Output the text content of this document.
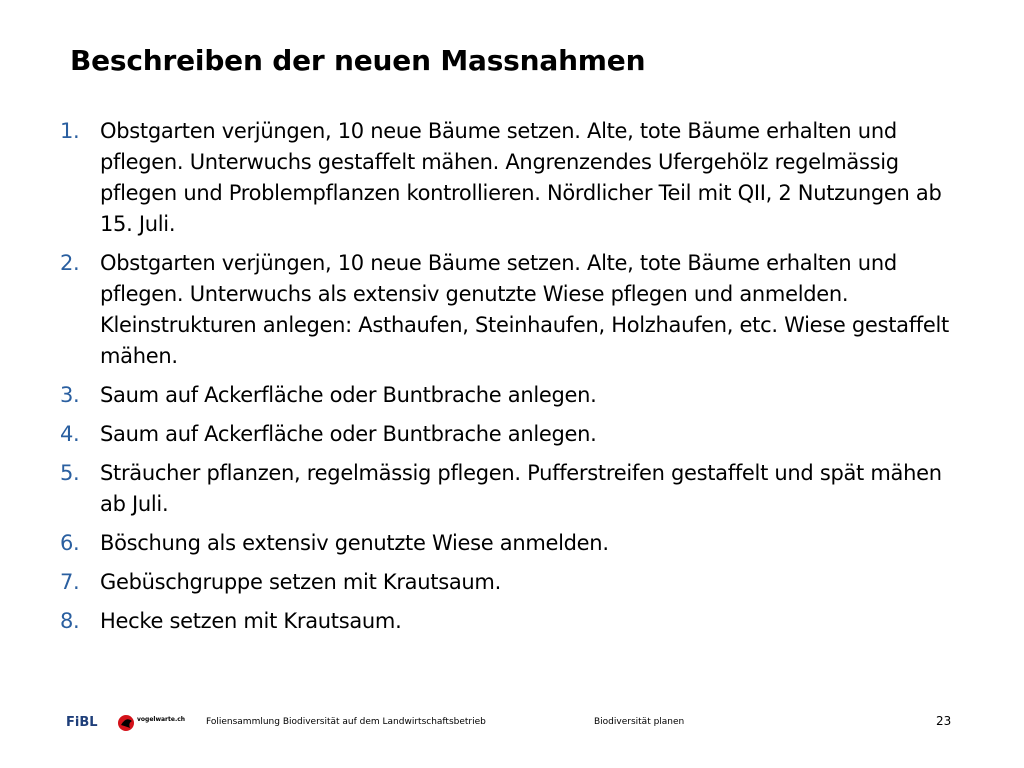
Beschreiben der neuen Massnahmen
1. Obstgarten verjüngen, 10 neue Bäume setzen. Alte, tote Bäume erhalten und pflegen. Unterwuchs gestaffelt mähen. Angrenzendes Ufergehölz regelmässig pflegen und Problempflanzen kontrollieren. Nördlicher Teil mit QII, 2 Nutzungen ab 15. Juli.
2. Obstgarten verjüngen, 10 neue Bäume setzen. Alte, tote Bäume erhalten und pflegen. Unterwuchs als extensiv genutzte Wiese pflegen und anmelden. Kleinstrukturen anlegen: Asthaufen, Steinhaufen, Holzhaufen, etc. Wiese gestaffelt mähen.
3. Saum auf Ackerfläche oder Buntbrache anlegen.
4. Saum auf Ackerfläche oder Buntbrache anlegen.
5. Sträucher pflanzen, regelmässig pflegen. Pufferstreifen gestaffelt und spät mähen ab Juli.
6. Böschung als extensiv genutzte Wiese anmelden.
7. Gebüschgruppe setzen mit Krautsaum.
8. Hecke setzen mit Krautsaum.
FiBL	vogelwarte.ch Foliensammlung Biodiversität auf dem Landwirtschaftsbetrieb	Biodiversität planen	23
